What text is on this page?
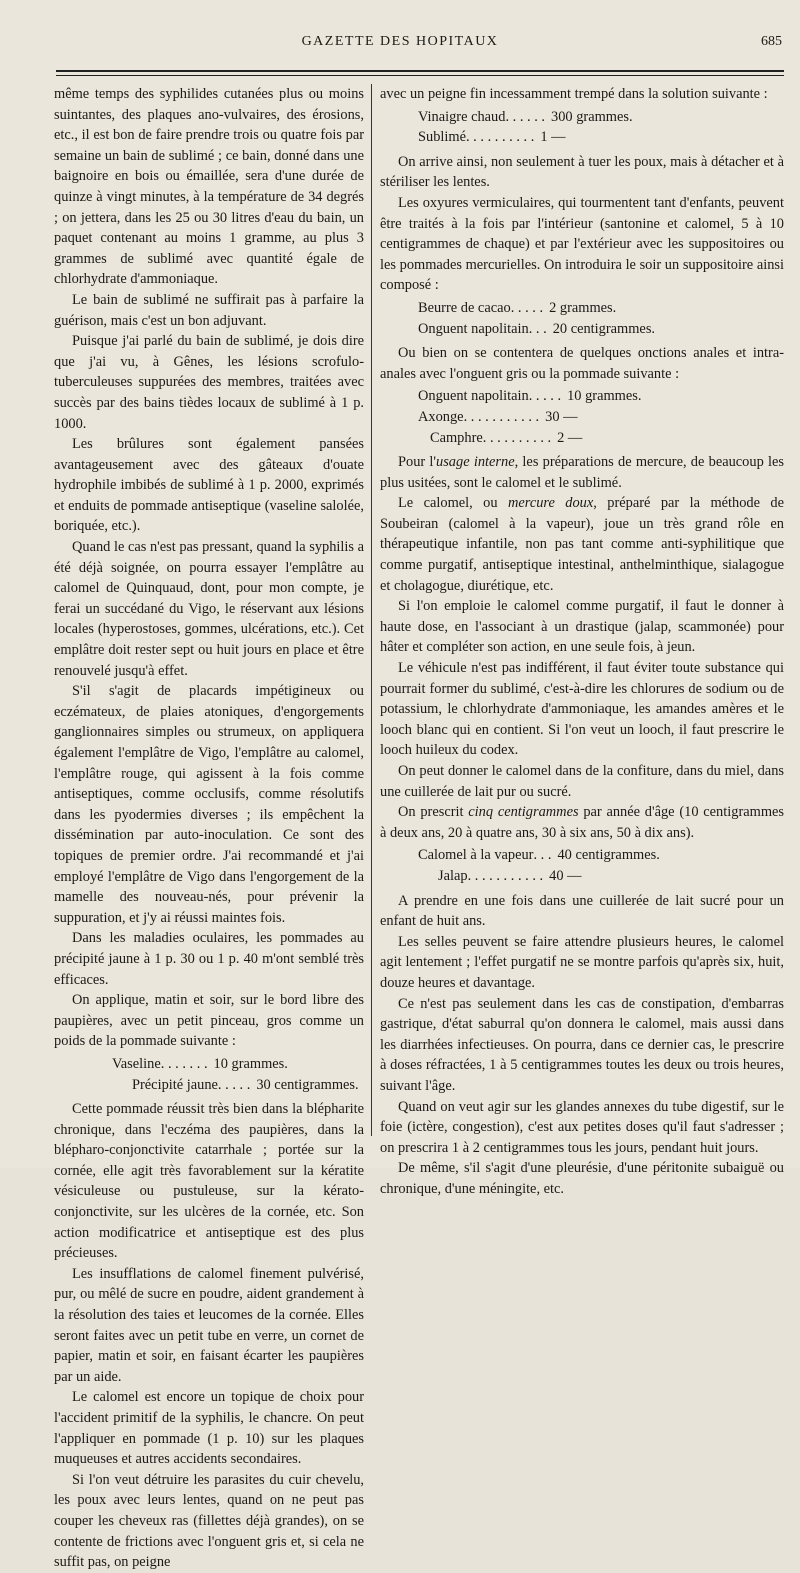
GAZETTE DES HOPITAUX	685

même temps des syphilides cutanées plus ou moins suintantes, des plaques ano-vulvaires, des érosions, etc., il est bon de faire prendre trois ou quatre fois par semaine un bain de sublimé ; ce bain, donné dans une baignoire en bois ou émaillée, sera d'une durée de quinze à vingt minutes, à la température de 34 degrés ; on jettera, dans les 25 ou 30 litres d'eau du bain, un paquet contenant au moins 1 gramme, au plus 3 grammes de sublimé avec quantité égale de chlorhydrate d'ammoniaque.

Le bain de sublimé ne suffirait pas à parfaire la guérison, mais c'est un bon adjuvant.

Puisque j'ai parlé du bain de sublimé, je dois dire que j'ai vu, à Gênes, les lésions scrofulo-tuberculeuses suppurées des membres, traitées avec succès par des bains tièdes locaux de sublimé à 1 p. 1000.

Les brûlures sont également pansées avantageusement avec des gâteaux d'ouate hydrophile imbibés de sublimé à 1 p. 2000, exprimés et enduits de pommade antiseptique (vaseline salolée, boriquée, etc.).

Quand le cas n'est pas pressant, quand la syphilis a été déjà soignée, on pourra essayer l'emplâtre au calomel de Quinquaud, dont, pour mon compte, je ferai un succédané du Vigo, le réservant aux lésions locales (hyperostoses, gommes, ulcérations, etc.). Cet emplâtre doit rester sept ou huit jours en place et être renouvelé jusqu'à effet.

S'il s'agit de placards impétigineux ou eczémateux, de plaies atoniques, d'engorgements ganglionnaires simples ou strumeux, on appliquera également l'emplâtre de Vigo, l'emplâtre au calomel, l'emplâtre rouge, qui agissent à la fois comme antiseptiques, comme occlusifs, comme résolutifs dans les pyodermies diverses ; ils empêchent la dissémination par auto-inoculation. Ce sont des topiques de premier ordre. J'ai recommandé et j'ai employé l'emplâtre de Vigo dans l'engorgement de la mamelle des nouveau-nés, pour prévenir la suppuration, et j'y ai réussi maintes fois.

Dans les maladies oculaires, les pommades au précipité jaune à 1 p. 30 ou 1 p. 40 m'ont semblé très efficaces.

On applique, matin et soir, sur le bord libre des paupières, avec un petit pinceau, gros comme un poids de la pommade suivante :

Vaseline . . . . . . . 10 grammes.
Précipité jaune . . . . . 30 centigrammes.

Cette pommade réussit très bien dans la blépharite chronique, dans l'eczéma des paupières, dans la blépharo-conjonctivite catarrhale ; portée sur la cornée, elle agit très favorablement sur la kératite vésiculeuse ou pustuleuse, sur la kérato-conjonctivite, sur les ulcères de la cornée, etc. Son action modificatrice et antiseptique est des plus précieuses.

Les insufflations de calomel finement pulvérisé, pur, ou mêlé de sucre en poudre, aident grandement à la résolution des taies et leucomes de la cornée. Elles seront faites avec un petit tube en verre, un cornet de papier, matin et soir, en faisant écarter les paupières par un aide.

Le calomel est encore un topique de choix pour l'accident primitif de la syphilis, le chancre. On peut l'appliquer en pommade (1 p. 10) sur les plaques muqueuses et autres accidents secondaires.

Si l'on veut détruire les parasites du cuir chevelu, les poux avec leurs lentes, quand on ne peut pas couper les cheveux ras (fillettes déjà grandes), on se contente de frictions avec l'onguent gris et, si cela ne suffit pas, on peigne

avec un peigne fin incessamment trempé dans la solution suivante :

Vinaigre chaud . . . . . . 300 grammes.
Sublimé . . . . . . . . . . 1 —

On arrive ainsi, non seulement à tuer les poux, mais à détacher et à stériliser les lentes.

Les oxyures vermiculaires, qui tourmentent tant d'enfants, peuvent être traités à la fois par l'intérieur (santonine et calomel, 5 à 10 centigrammes de chaque) et par l'extérieur avec les suppositoires ou les pommades mercurielles. On introduira le soir un suppositoire ainsi composé :

Beurre de cacao . . . . . 2 grammes.
Onguent napolitain . . . 20 centigrammes.

Ou bien on se contentera de quelques onctions anales et intra-anales avec l'onguent gris ou la pommade suivante :

Onguent napolitain . . . . . 10 grammes.
Axonge . . . . . . . . . . . 30 —
Camphre . . . . . . . . . . 2 —

Pour l'usage interne, les préparations de mercure, de beaucoup les plus usitées, sont le calomel et le sublimé.

Le calomel, ou mercure doux, préparé par la méthode de Soubeiran (calomel à la vapeur), joue un très grand rôle en thérapeutique infantile, non pas tant comme anti-syphilitique que comme purgatif, antiseptique intestinal, anthelminthique, sialagogue et cholagogue, diurétique, etc.

Si l'on emploie le calomel comme purgatif, il faut le donner à haute dose, en l'associant à un drastique (jalap, scammonée) pour hâter et compléter son action, en une seule fois, à jeun.

Le véhicule n'est pas indifférent, il faut éviter toute substance qui pourrait former du sublimé, c'est-à-dire les chlorures de sodium ou de potassium, le chlorhydrate d'ammoniaque, les amandes amères et le looch blanc qui en contient. Si l'on veut un looch, il faut prescrire le looch huileux du codex.

On peut donner le calomel dans de la confiture, dans du miel, dans une cuillerée de lait pur ou sucré.

On prescrit cinq centigrammes par année d'âge (10 centigrammes à deux ans, 20 à quatre ans, 30 à six ans, 50 à dix ans).

Calomel à la vapeur . . . 40 centigrammes.
Jalap . . . . . . . . . . . 40 —

A prendre en une fois dans une cuillerée de lait sucré pour un enfant de huit ans.

Les selles peuvent se faire attendre plusieurs heures, le calomel agit lentement ; l'effet purgatif ne se montre parfois qu'après six, huit, douze heures et davantage.

Ce n'est pas seulement dans les cas de constipation, d'embarras gastrique, d'état saburral qu'on donnera le calomel, mais aussi dans les diarrhées infectieuses. On pourra, dans ce dernier cas, le prescrire à doses réfractées, 1 à 5 centigrammes toutes les deux ou trois heures, suivant l'âge.

Quand on veut agir sur les glandes annexes du tube digestif, sur le foie (ictère, congestion), c'est aux petites doses qu'il faut s'adresser ; on prescrira 1 à 2 centigrammes tous les jours, pendant huit jours.

De même, s'il s'agit d'une pleurésie, d'une péritonite subaiguë ou chronique, d'une méningite, etc.
